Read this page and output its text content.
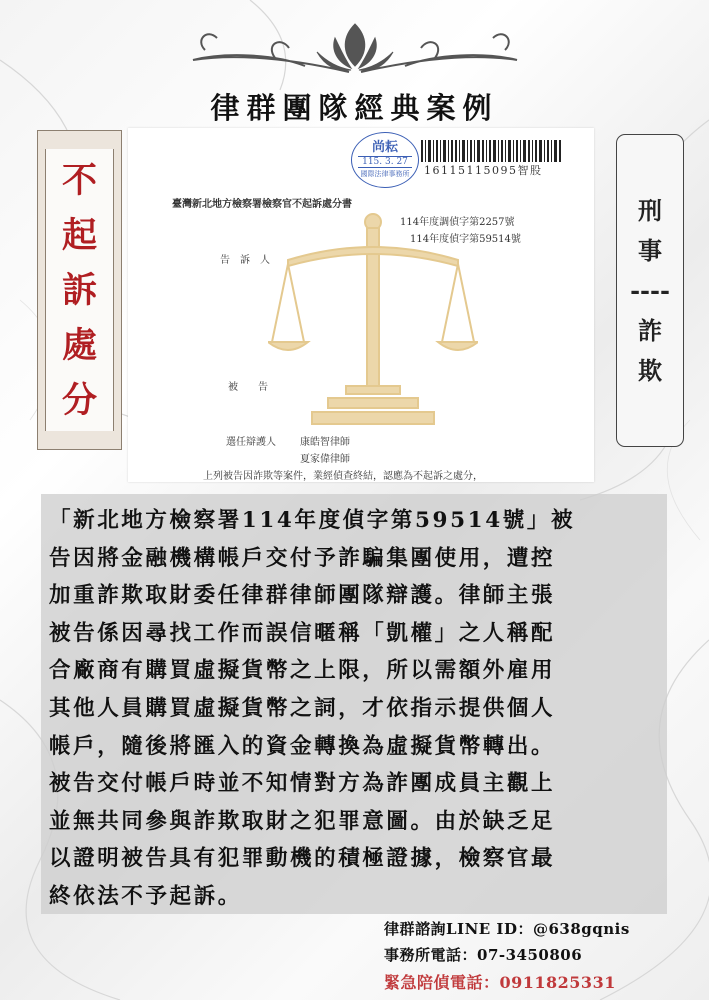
律群團隊經典案例
不
起
訴
處
分
刑
事
----
詐
欺
尚耘
115. 3. 27
國際法律事務所	16115115095智股
臺灣新北地方檢察署檢察官不起訴處分書
114年度調偵字第2257號
114年度偵字第59514號
告　訴　人
被　　告
選任辯護人 康皓智律師
夏家偉律師
上列被告因詐欺等案件，業經偵查終結，認應為不起訴之處分，
「新北地方檢察署114年度偵字第59514號」被
告因將金融機構帳戶交付予詐騙集團使用，遭控
加重詐欺取財委任律群律師團隊辯護。律師主張
被告係因尋找工作而誤信暱稱「凱權」之人稱配
合廠商有購買虛擬貨幣之上限，所以需額外雇用
其他人員購買虛擬貨幣之詞，才依指示提供個人
帳戶，隨後將匯入的資金轉換為虛擬貨幣轉出。
被告交付帳戶時並不知情對方為詐團成員主觀上
並無共同參與詐欺取財之犯罪意圖。由於缺乏足
以證明被告具有犯罪動機的積極證據，檢察官最
終依法不予起訴。
律群諮詢LINE ID：@638gqnis
事務所電話：07-3450806
緊急陪偵電話：0911825331
